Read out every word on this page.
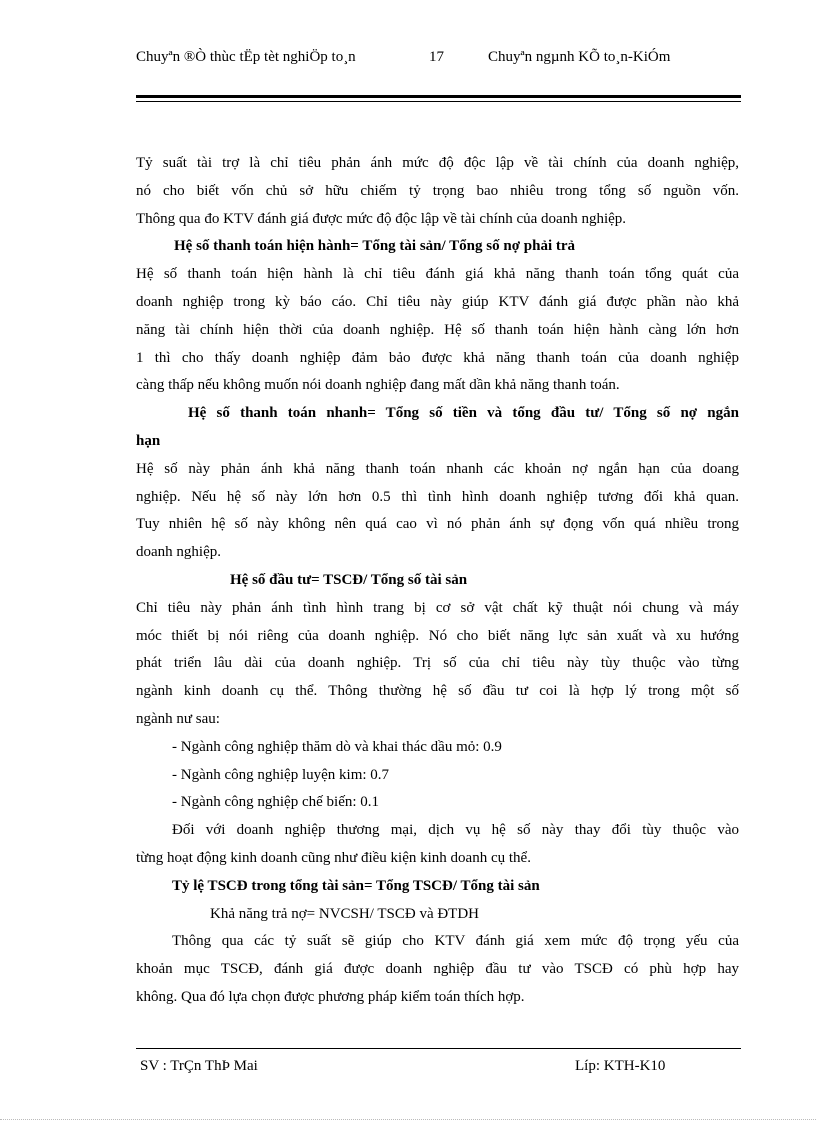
Chuyªn ®Ò thùc tËp tèt nghiÖp to¸n	17	Chuyªn ngµnh KÕ to¸n-KiÓm
Tỷ suất tài trợ là chỉ tiêu phản ánh mức độ độc lập về tài chính của doanh nghiệp,
nó cho biết vốn chủ sở hữu chiếm tỷ trọng bao nhiêu trong tổng số nguồn vốn.
Thông qua đo KTV đánh giá được mức độ độc lập về tài chính của doanh nghiệp.
Hệ số thanh toán hiện hành= Tổng tài sản/ Tổng số nợ phải trả
Hệ số thanh toán hiện hành là chỉ tiêu đánh giá khả năng thanh toán tổng quát của
doanh nghiệp trong kỳ báo cáo. Chỉ tiêu này giúp KTV đánh giá được phần nào khả
năng tài chính hiện thời của doanh nghiệp. Hệ số thanh toán hiện hành càng lớn hơn
1 thì cho thấy doanh nghiệp đảm bảo được khả năng thanh toán của doanh nghiệp
càng thấp nếu không muốn nói doanh nghiệp đang mất dần khả năng thanh toán.
Hệ số thanh toán nhanh= Tổng số tiền và tổng đầu tư/ Tổng số nợ ngắn
hạn
Hệ số này phản ánh khả năng thanh toán nhanh các khoản nợ ngắn hạn của doang
nghiệp. Nếu hệ số này lớn hơn 0.5 thì tình hình doanh nghiệp tương đối khả quan.
Tuy nhiên hệ số này không nên quá cao vì nó phản ánh sự đọng vốn quá nhiều trong
doanh nghiệp.
Hệ số đầu tư= TSCĐ/ Tổng số tài sản
Chỉ tiêu này phản ánh tình hình trang bị cơ sở vật chất kỹ thuật nói chung và máy
móc thiết bị nói riêng của doanh nghiệp. Nó cho biết năng lực sản xuất và xu hướng
phát triển lâu dài của doanh nghiệp. Trị số của chỉ tiêu này tùy thuộc vào từng
ngành kinh doanh cụ thể. Thông thường hệ số đầu tư coi là hợp lý trong một số
ngành nư sau:
- Ngành công nghiệp thăm dò và khai thác dầu mỏ: 0.9
- Ngành công nghiệp luyện kim: 0.7
- Ngành công nghiệp chế biến: 0.1
Đối với doanh nghiệp thương mại, dịch vụ hệ số này thay đổi tùy thuộc vào
từng hoạt động kinh doanh cũng như điều kiện kinh doanh cụ thể.
Tỷ lệ TSCĐ trong tổng tài sản= Tổng TSCĐ/ Tổng tài sản
Khả năng trả nợ= NVCSH/ TSCĐ và ĐTDH
Thông qua các tỷ suất sẽ giúp cho KTV đánh giá xem mức độ trọng yếu của
khoản mục TSCĐ, đánh giá được doanh nghiệp đầu tư vào TSCĐ có phù hợp hay
không. Qua đó lựa chọn được phương pháp kiểm toán thích hợp.
SV : TrÇn ThÞ Mai	Líp: KTH-K10
